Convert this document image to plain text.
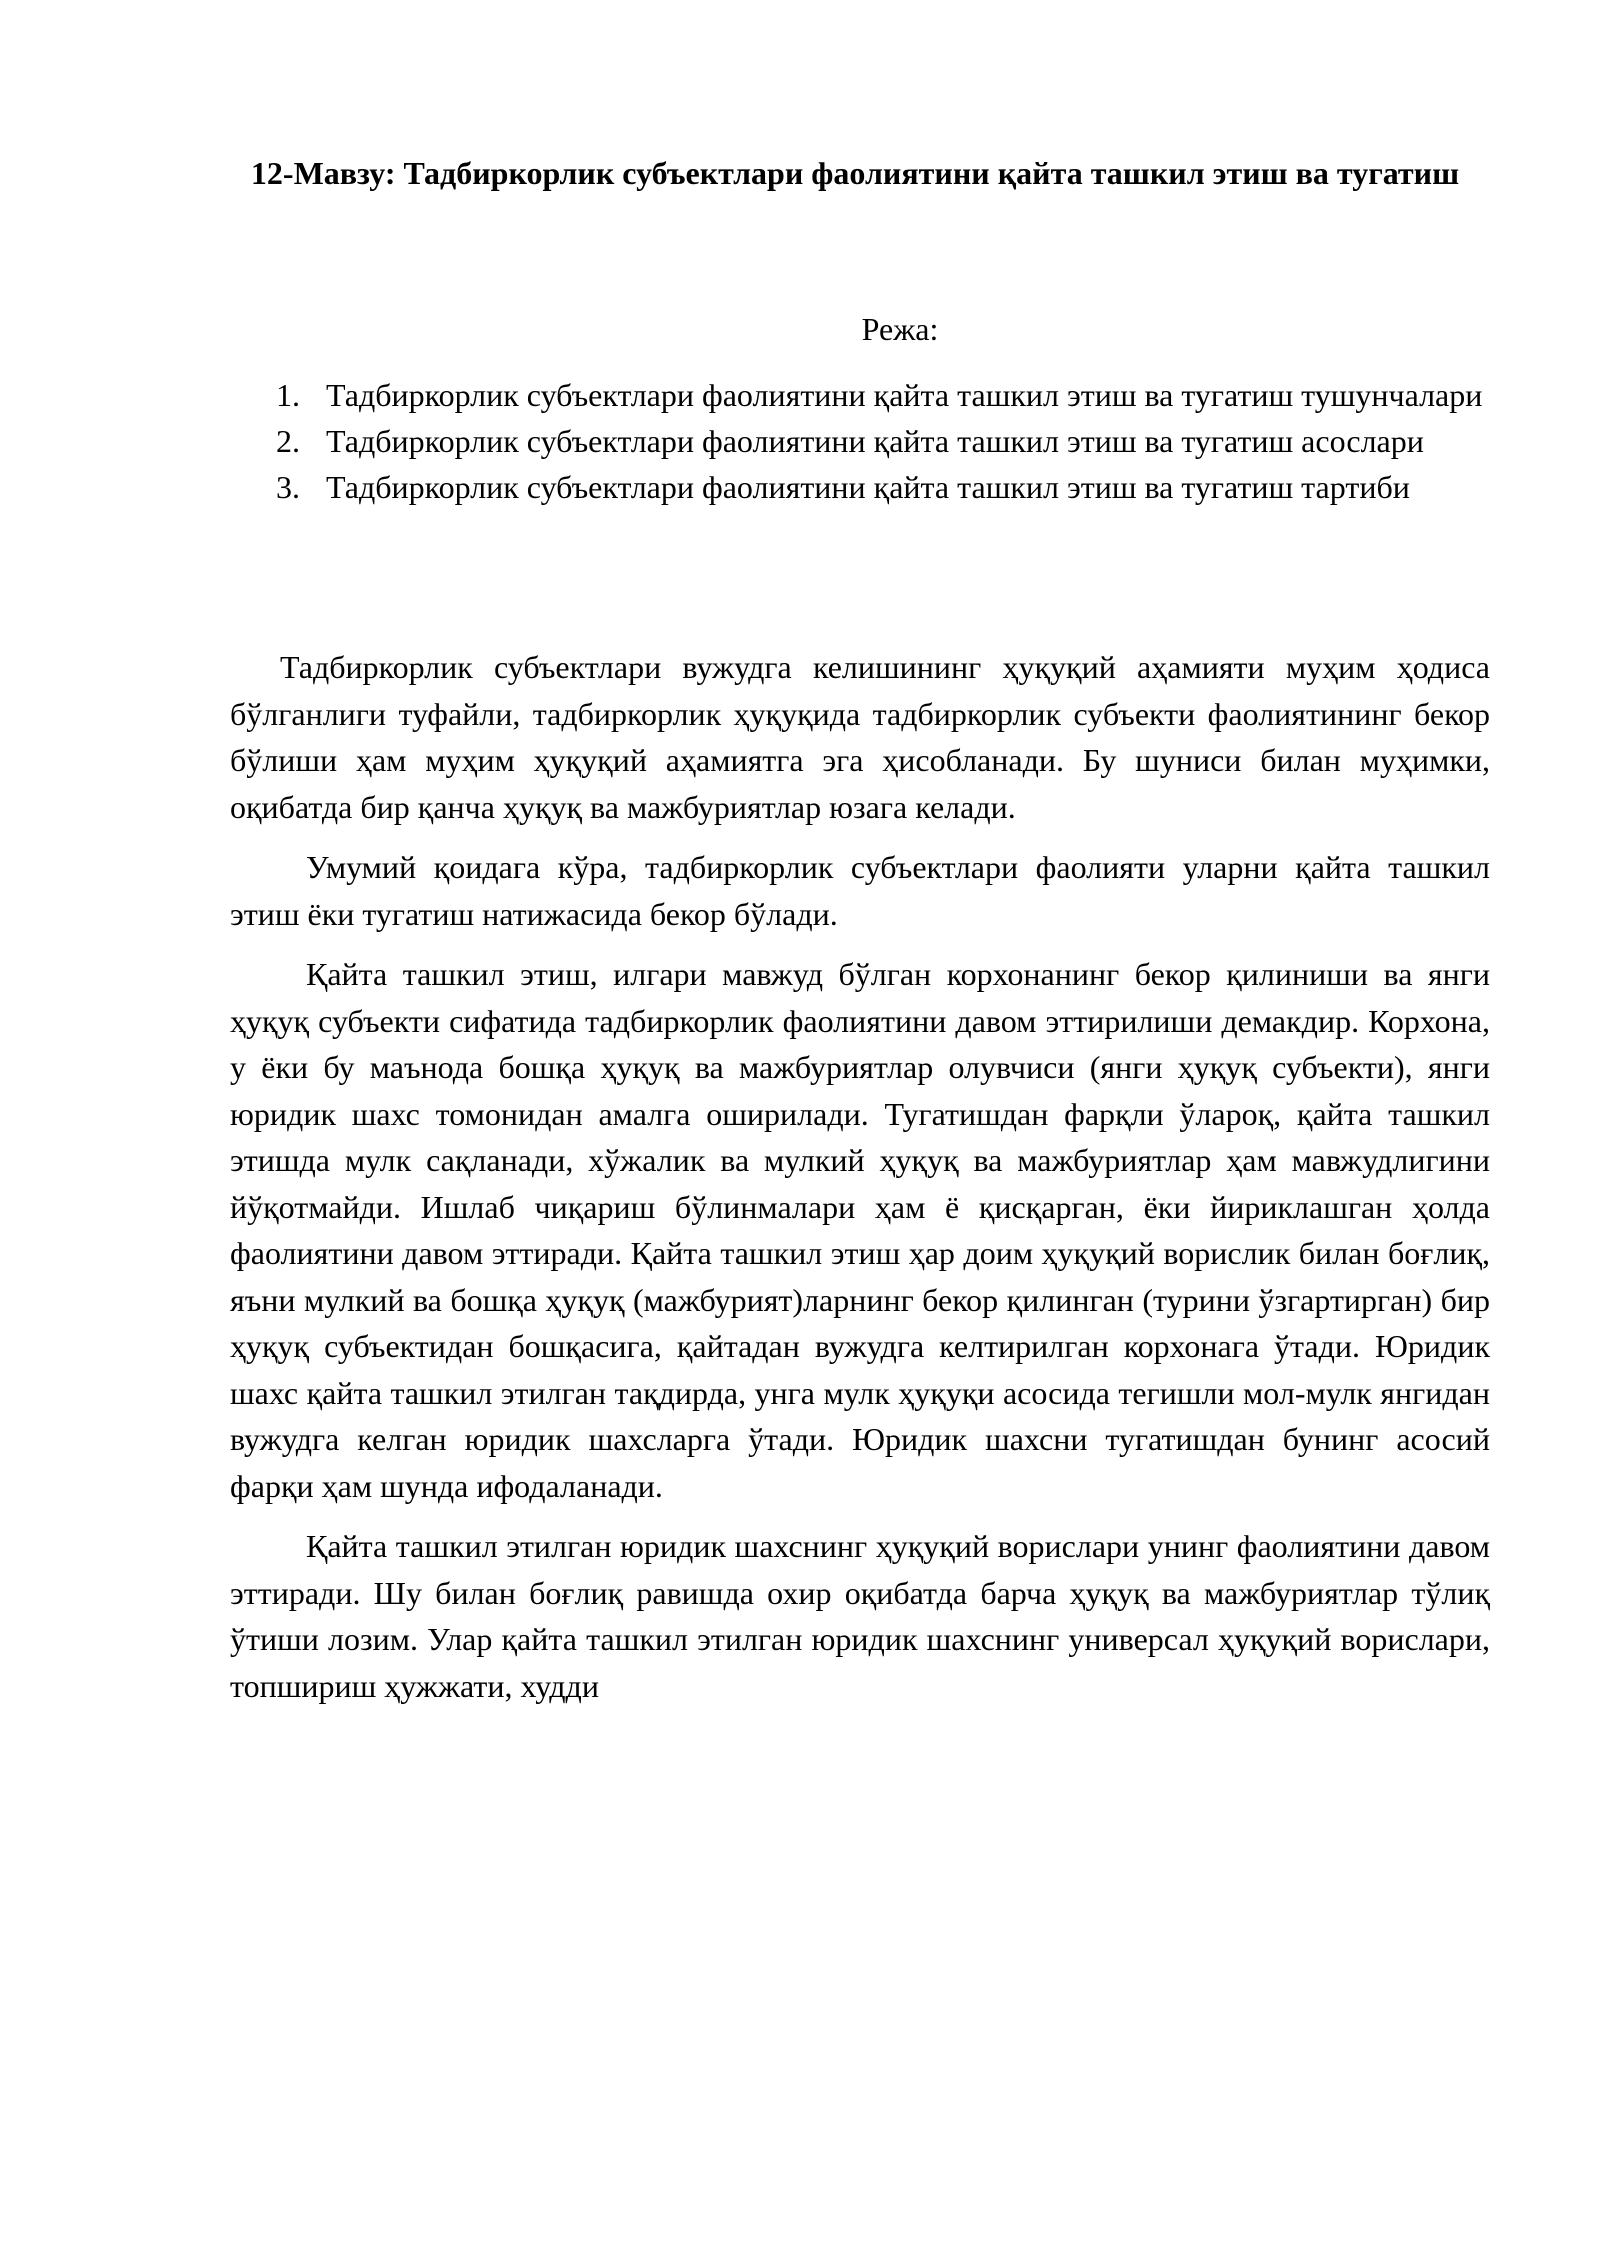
12-Мавзу: Тадбиркорлик субъектлари фаолиятини қайта ташкил этиш ва тугатиш
Режа:
1. Тадбиркорлик субъектлари фаолиятини қайта ташкил этиш ва тугатиш тушунчалари
2. Тадбиркорлик субъектлари фаолиятини қайта ташкил этиш ва тугатиш асослари
3. Тадбиркорлик субъектлари фаолиятини қайта ташкил этиш ва тугатиш тартиби

Тадбиркорлик субъектлари вужудга келишининг ҳуқуқий аҳамияти муҳим ҳодиса бўлганлиги туфайли, тадбиркорлик ҳуқуқида тадбиркорлик субъекти фаолиятининг бекор бўлиши ҳам муҳим ҳуқуқий аҳамиятга эга ҳисобланади. Бу шуниси билан муҳимки, оқибатда бир қанча ҳуқуқ ва мажбуриятлар юзага келади.

Умумий қоидага кўра, тадбиркорлик субъектлари фаолияти уларни қайта ташкил этиш ёки тугатиш натижасида бекор бўлади.

Қайта ташкил этиш, илгари мавжуд бўлган корхонанинг бекор қилиниши ва янги ҳуқуқ субъекти сифатида тадбиркорлик фаолиятини давом эттирилиши демакдир. Корхона, у ёки бу маънода бошқа ҳуқуқ ва мажбуриятлар олувчиси (янги ҳуқуқ субъекти), янги юридик шахс томонидан амалга оширилади. Тугатишдан фарқли ўлароқ, қайта ташкил этишда мулк сақланади, хўжалик ва мулкий ҳуқуқ ва мажбуриятлар ҳам мавжудлигини йўқотмайди. Ишлаб чиқариш бўлинмалари ҳам ё қисқарган, ёки йириклашган ҳолда фаолиятини давом эттиради. Қайта ташкил этиш ҳар доим ҳуқуқий ворислик билан боғлиқ, яъни мулкий ва бошқа ҳуқуқ (мажбурият)ларнинг бекор қилинган (турини ўзгартирган) бир ҳуқуқ субъектидан бошқасига, қайтадан вужудга келтирилган корхонага ўтади. Юридик шахс қайта ташкил этилган тақдирда, унга мулк ҳуқуқи асосида тегишли мол-мулк янгидан вужудга келган юридик шахсларга ўтади. Юридик шахсни тугатишдан бунинг асосий фарқи ҳам шунда ифодаланади.

Қайта ташкил этилган юридик шахснинг ҳуқуқий ворислари унинг фаолиятини давом эттиради. Шу билан боғлиқ равишда охир оқибатда барча ҳуқуқ ва мажбуриятлар тўлиқ ўтиши лозим. Улар қайта ташкил этилган юридик шахснинг универсал ҳуқуқий ворислари, топшириш ҳужжати, худди
